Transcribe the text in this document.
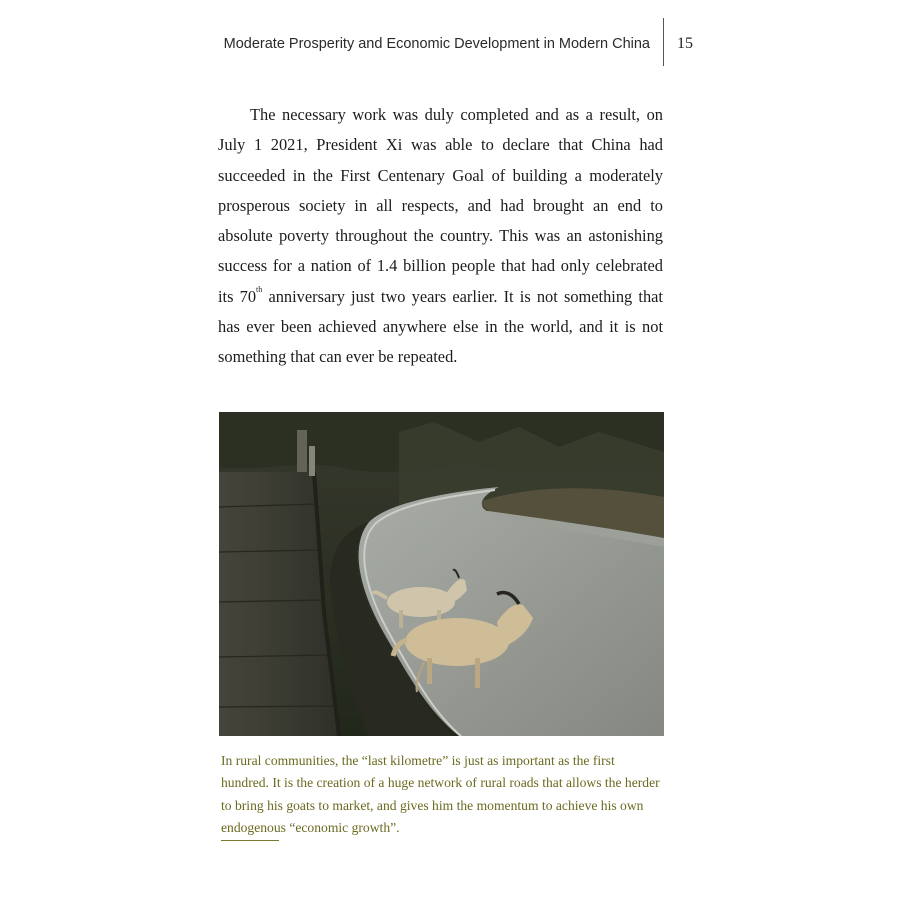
Moderate Prosperity and Economic Development in Modern China 15

The necessary work was duly completed and as a result, on July 1 2021, President Xi was able to declare that China had succeeded in the First Centenary Goal of building a moderately prosperous society in all respects, and had brought an end to absolute poverty throughout the country. This was an astonishing success for a nation of 1.4 billion people that had only celebrated its 70th anniversary just two years earlier. It is not something that has ever been achieved anywhere else in the world, and it is not something that can ever be repeated.

In rural communities, the “last kilometre” is just as important as the first hundred. It is the creation of a huge network of rural roads that allows the herder to bring his goats to market, and gives him the momentum to achieve his own endogenous “economic growth”.
